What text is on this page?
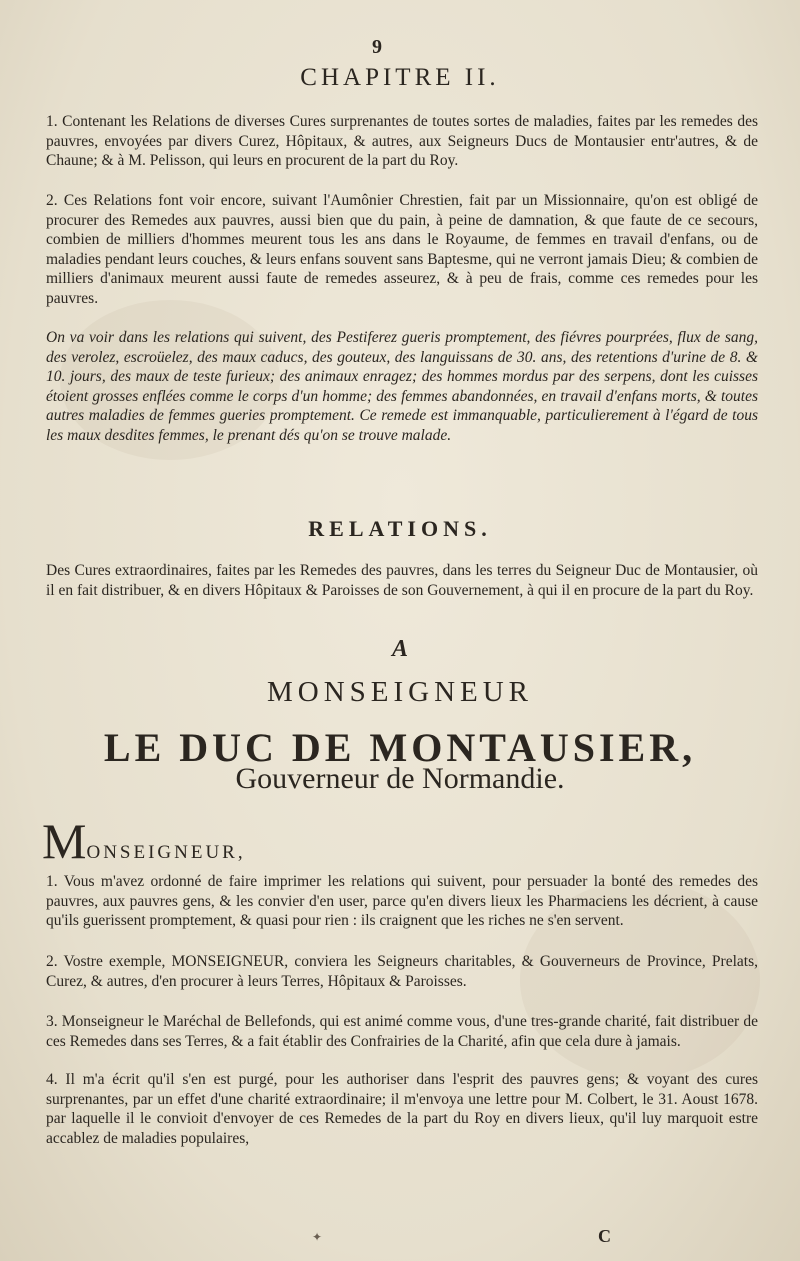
9
CHAPITRE II.

1. Contenant les Relations de diverses Cures surprenantes de toutes sortes de maladies, faites par les remedes des pauvres, envoyées par divers Curez, Hôpitaux, & autres, aux Seigneurs Ducs de Montausier entr'autres, & de Chaune; & à M. Pelisson, qui leurs en procurent de la part du Roy.

2. Ces Relations font voir encore, suivant l'Aumônier Chrestien, fait par un Missionnaire, qu'on est obligé de procurer des Remedes aux pauvres, aussi bien que du pain, à peine de damnation, & que faute de ce secours, combien de milliers d'hommes meurent tous les ans dans le Royaume, de femmes en travail d'enfans, ou de maladies pendant leurs couches, & leurs enfans souvent sans Baptesme, qui ne verront jamais Dieu; & combien de milliers d'animaux meurent aussi faute de remedes asseurez, & à peu de frais, comme ces remedes pour les pauvres.

On va voir dans les relations qui suivent, des Pestiferez gueris promptement, des fiévres pourprées, flux de sang, des verolez, escroüelez, des maux caducs, des gouteux, des languissans de 30. ans, des retentions d'urine de 8. & 10. jours, des maux de teste furieux; des animaux enragez; des hommes mordus par des serpens, dont les cuisses étoient grosses enflées comme le corps d'un homme; des femmes abandonnées, en travail d'enfans morts, & toutes autres maladies de femmes gueries promptement. Ce remede est immanquable, particulierement à l'égard de tous les maux desdites femmes, le prenant dés qu'on se trouve malade.

RELATIONS.

Des Cures extraordinaires, faites par les Remedes des pauvres, dans les terres du Seigneur Duc de Montausier, où il en fait distribuer, & en divers Hôpitaux & Paroisses de son Gouvernement, à qui il en procure de la part du Roy.

A
MONSEIGNEUR
LE DUC DE MONTAUSIER,
Gouverneur de Normandie.
MONSEIGNEUR,

1. Vous m'avez ordonné de faire imprimer les relations qui suivent, pour persuader la bonté des remedes des pauvres, aux pauvres gens, & les convier d'en user, parce qu'en divers lieux les Pharmaciens les décrient, à cause qu'ils guerissent promptement, & quasi pour rien : ils craignent que les riches ne s'en servent.

2. Vostre exemple, MONSEIGNEUR, conviera les Seigneurs charitables, & Gouverneurs de Province, Prelats, Curez, & autres, d'en procurer à leurs Terres, Hôpitaux & Paroisses.

3. Monseigneur le Maréchal de Bellefonds, qui est animé comme vous, d'une tres-grande charité, fait distribuer de ces Remedes dans ses Terres, & a fait établir des Confrairies de la Charité, afin que cela dure à jamais.

4. Il m'a écrit qu'il s'en est purgé, pour les authoriser dans l'esprit des pauvres gens; & voyant des cures surprenantes, par un effet d'une charité extraordinaire; il m'envoya une lettre pour M. Colbert, le 31. Aoust 1678. par laquelle il le convioit d'envoyer de ces Remedes de la part du Roy en divers lieux, qu'il luy marquoit estre accablez de maladies populaires,

✦	C
